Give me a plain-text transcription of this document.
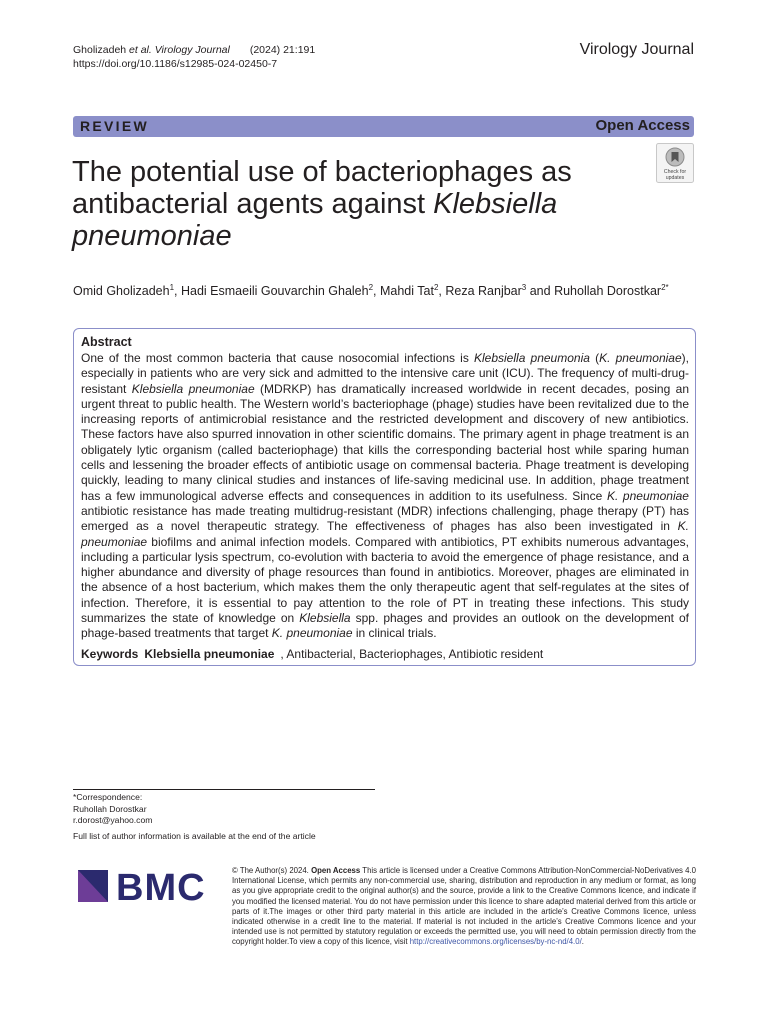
Gholizadeh et al. Virology Journal (2024) 21:191
https://doi.org/10.1186/s12985-024-02450-7
Virology Journal
REVIEW	Open Access
The potential use of bacteriophages as
antibacterial agents against Klebsiella
pneumoniae
Check for
updates
Omid Gholizadeh$^1$, Hadi Esmaeili Gouvarchin Ghaleh$^2$, Mahdi Tat$^2$, Reza Ranjbar$^3$ and Ruhollah Dorostkar$^{2*}$
Abstract
One of the most common bacteria that cause nosocomial infections is Klebsiella pneumonia (K. pneumoniae), especially in patients who are very sick and admitted to the intensive care unit (ICU). The frequency of multi-drug-resistant Klebsiella pneumoniae (MDRKP) has dramatically increased worldwide in recent decades, posing an urgent threat to public health. The Western world’s bacteriophage (phage) studies have been revitalized due to the increasing reports of antimicrobial resistance and the restricted development and discovery of new antibiotics. These factors have also spurred innovation in other scientific domains. The primary agent in phage treatment is an obligately lytic organism (called bacteriophage) that kills the corresponding bacterial host while sparing human cells and lessening the broader effects of antibiotic usage on commensal bacteria. Phage treatment is developing quickly, leading to many clinical studies and instances of life-saving medicinal use. In addition, phage treatment has a few immunological adverse effects and consequences in addition to its usefulness. Since K. pneumoniae antibiotic resistance has made treating multidrug-resistant (MDR) infections challenging, phage therapy (PT) has emerged as a novel therapeutic strategy. The effectiveness of phages has also been investigated in K. pneumoniae biofilms and animal infection models. Compared with antibiotics, PT exhibits numerous advantages, including a particular lysis spectrum, co-evolution with bacteria to avoid the emergence of phage resistance, and a higher abundance and diversity of phage resources than found in antibiotics. Moreover, phages are eliminated in the absence of a host bacterium, which makes them the only therapeutic agent that self-regulates at the sites of infection. Therefore, it is essential to pay attention to the role of PT in treating these infections. This study summarizes the state of knowledge on Klebsiella spp. phages and provides an outlook on the development of phage-based treatments that target K. pneumoniae in clinical trials.
Keywords Klebsiella pneumoniae , Antibacterial, Bacteriophages, Antibiotic resident
*Correspondence:
Ruhollah Dorostkar
r.dorost@yahoo.com
Full list of author information is available at the end of the article
BMC	© The Author(s) 2024. Open Access This article is licensed under a Creative Commons Attribution-NonCommercial-NoDerivatives 4.0 International License, which permits any non-commercial use, sharing, distribution and reproduction in any medium or format, as long as you give appropriate credit to the original author(s) and the source, provide a link to the Creative Commons licence, and indicate if you modified the licensed material. You do not have permission under this licence to share adapted material derived from this article or parts of it.The images or other third party material in this article are included in the article’s Creative Commons licence, unless indicated otherwise in a credit line to the material. If material is not included in the article’s Creative Commons licence and your intended use is not permitted by statutory regulation or exceeds the permitted use, you will need to obtain permission directly from the copyright holder.To view a copy of this licence, visit http://creativecommons.org/licenses/by-nc-nd/4.0/.
